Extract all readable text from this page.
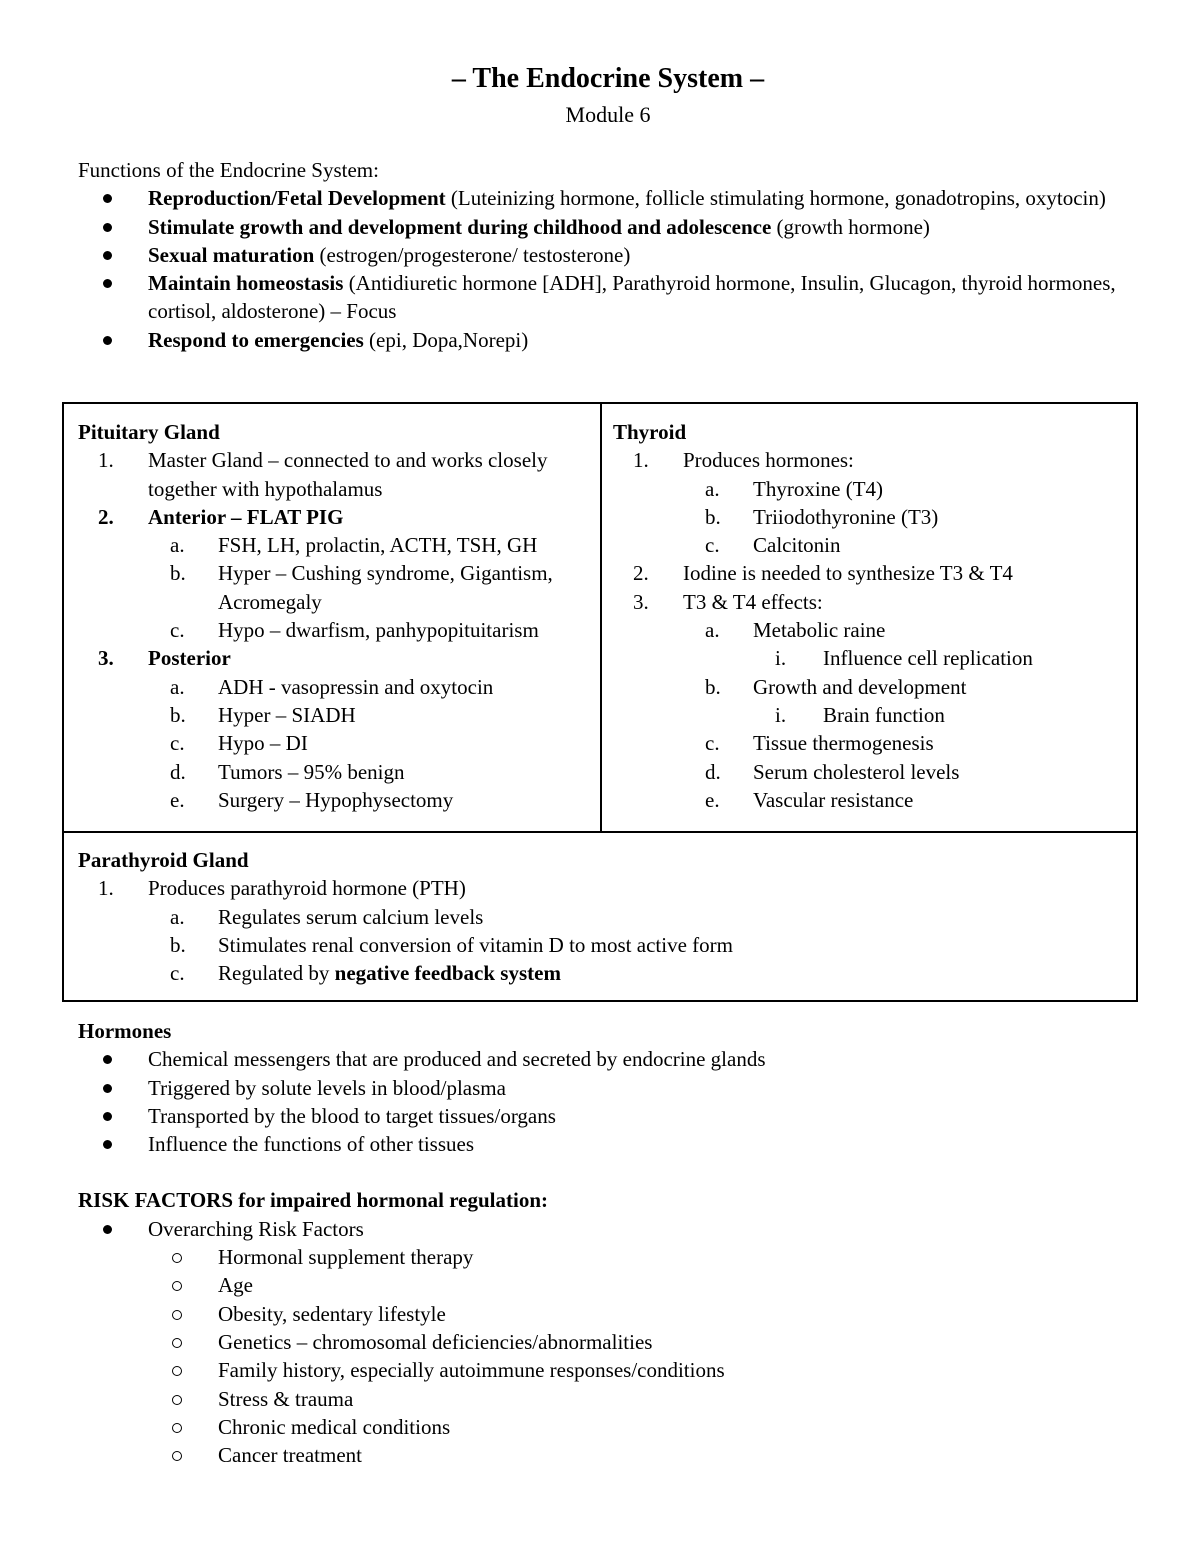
– The Endocrine System –

Module 6

Functions of the Endocrine System:

Reproduction/Fetal Development (Luteinizing hormone, follicle stimulating hormone, gonadotropins, oxytocin)
Stimulate growth and development during childhood and adolescence (growth hormone)
Sexual maturation (estrogen/progesterone/ testosterone)
Maintain homeostasis (Antidiuretic hormone [ADH], Parathyroid hormone, Insulin, Glucagon, thyroid hormones, cortisol, aldosterone) – Focus
Respond to emergencies (epi, Dopa,Norepi)
Pituitary Gland
1. Master Gland – connected to and works closely together with hypothalamus
2. Anterior – FLAT PIG
a. FSH, LH, prolactin, ACTH, TSH, GH
b. Hyper – Cushing syndrome, Gigantism, Acromegaly
c. Hypo – dwarfism, panhypopituitarism
3. Posterior
a. ADH - vasopressin and oxytocin
b. Hyper – SIADH
c. Hypo – DI
d. Tumors – 95% benign
e. Surgery – Hypophysectomy
Thyroid
1. Produces hormones:
a. Thyroxine (T4)
b. Triiodothyronine (T3)
c. Calcitonin
2. Iodine is needed to synthesize T3 & T4
3. T3 & T4 effects:
a. Metabolic raine
i. Influence cell replication
b. Growth and development
i. Brain function
c. Tissue thermogenesis
d. Serum cholesterol levels
e. Vascular resistance
Parathyroid Gland
1. Produces parathyroid hormone (PTH)
a. Regulates serum calcium levels
b. Stimulates renal conversion of vitamin D to most active form
c. Regulated by negative feedback system
Hormones
Chemical messengers that are produced and secreted by endocrine glands
Triggered by solute levels in blood/plasma
Transported by the blood to target tissues/organs
Influence the functions of other tissues
RISK FACTORS for impaired hormonal regulation:
Overarching Risk Factors
Hormonal supplement therapy
Age
Obesity, sedentary lifestyle
Genetics – chromosomal deficiencies/abnormalities
Family history, especially autoimmune responses/conditions
Stress & trauma
Chronic medical conditions
Cancer treatment
